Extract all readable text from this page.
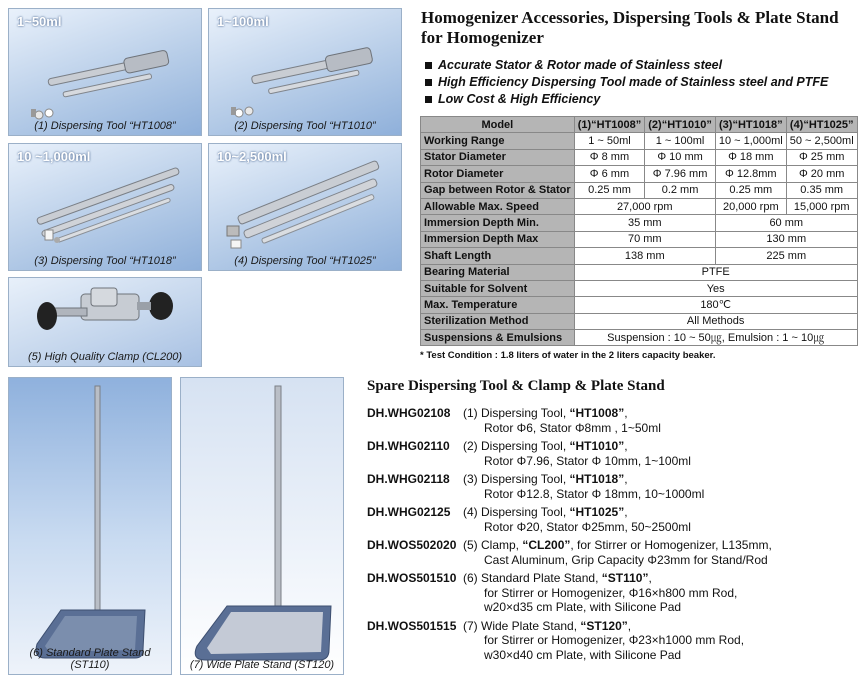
1~50ml
(1) Dispersing Tool “HT1008”
1~100ml
(2) Dispersing Tool “HT1010”
10 ~1,000ml
(3) Dispersing Tool “HT1018”
10~2,500ml
(4) Dispersing Tool “HT1025”
(5) High Quality Clamp (CL200)
(6) Standard Plate Stand (ST110)	(7) Wide Plate Stand (ST120)
Homogenizer Accessories, Dispersing Tools & Plate Stand for Homogenizer
Accurate Stator & Rotor made of Stainless steel
High Efficiency Dispersing Tool made of Stainless steel and PTFE
Low Cost & High Efficiency
Model	(1)“HT1008”	(2)“HT1010”	(3)“HT1018”	(4)“HT1025”
Working Range	1 ~ 50ml	1 ~ 100ml	10 ~ 1,000ml	50 ~ 2,500ml
Stator Diameter	Φ 8 mm	Φ 10 mm	Φ 18 mm	Φ 25 mm
Rotor Diameter	Φ 6 mm	Φ 7.96 mm	Φ 12.8mm	Φ 20 mm
Gap between Rotor & Stator	0.25 mm	0.2 mm	0.25 mm	0.35 mm
Allowable Max. Speed	27,000 rpm		20,000 rpm	15,000 rpm
Immersion Depth Min.	35 mm		60 mm	
Immersion Depth Max	70 mm		130 mm	
Shaft Length	138 mm		225 mm	
Bearing Material	PTFE			
Suitable for Solvent	Yes			
Max. Temperature	180℃			
Sterilization Method	All Methods			
Suspensions & Emulsions	Suspension : 10 ~ 50㎍, Emulsion : 1 ~ 10㎍			
* Test Condition : 1.8 liters of water in the 2 liters capacity beaker.
Spare Dispersing Tool & Clamp & Plate Stand
DH.WHG02108	(1) Dispersing Tool, “HT1008”,
Rotor Φ6, Stator Φ8mm , 1~50ml
DH.WHG02110	(2) Dispersing Tool, “HT1010”,
Rotor Φ7.96, Stator Φ 10mm, 1~100ml
DH.WHG02118	(3) Dispersing Tool, “HT1018”,
Rotor Φ12.8, Stator Φ 18mm, 10~1000ml
DH.WHG02125	(4) Dispersing Tool, “HT1025”,
Rotor Φ20, Stator Φ25mm, 50~2500ml
DH.WOS502020 (5) Clamp, “CL200”, for Stirrer or Homogenizer, L135mm,
Cast Aluminum, Grip Capacity Φ23mm for Stand/Rod
DH.WOS501510 (6) Standard Plate Stand, “ST110”,
for Stirrer or Homogenizer, Φ16×h800 mm Rod,
w20×d35 cm Plate, with Silicone Pad
DH.WOS501515 (7) Wide Plate Stand, “ST120”,
for Stirrer or Homogenizer, Φ23×h1000 mm Rod,
w30×d40 cm Plate, with Silicone Pad
